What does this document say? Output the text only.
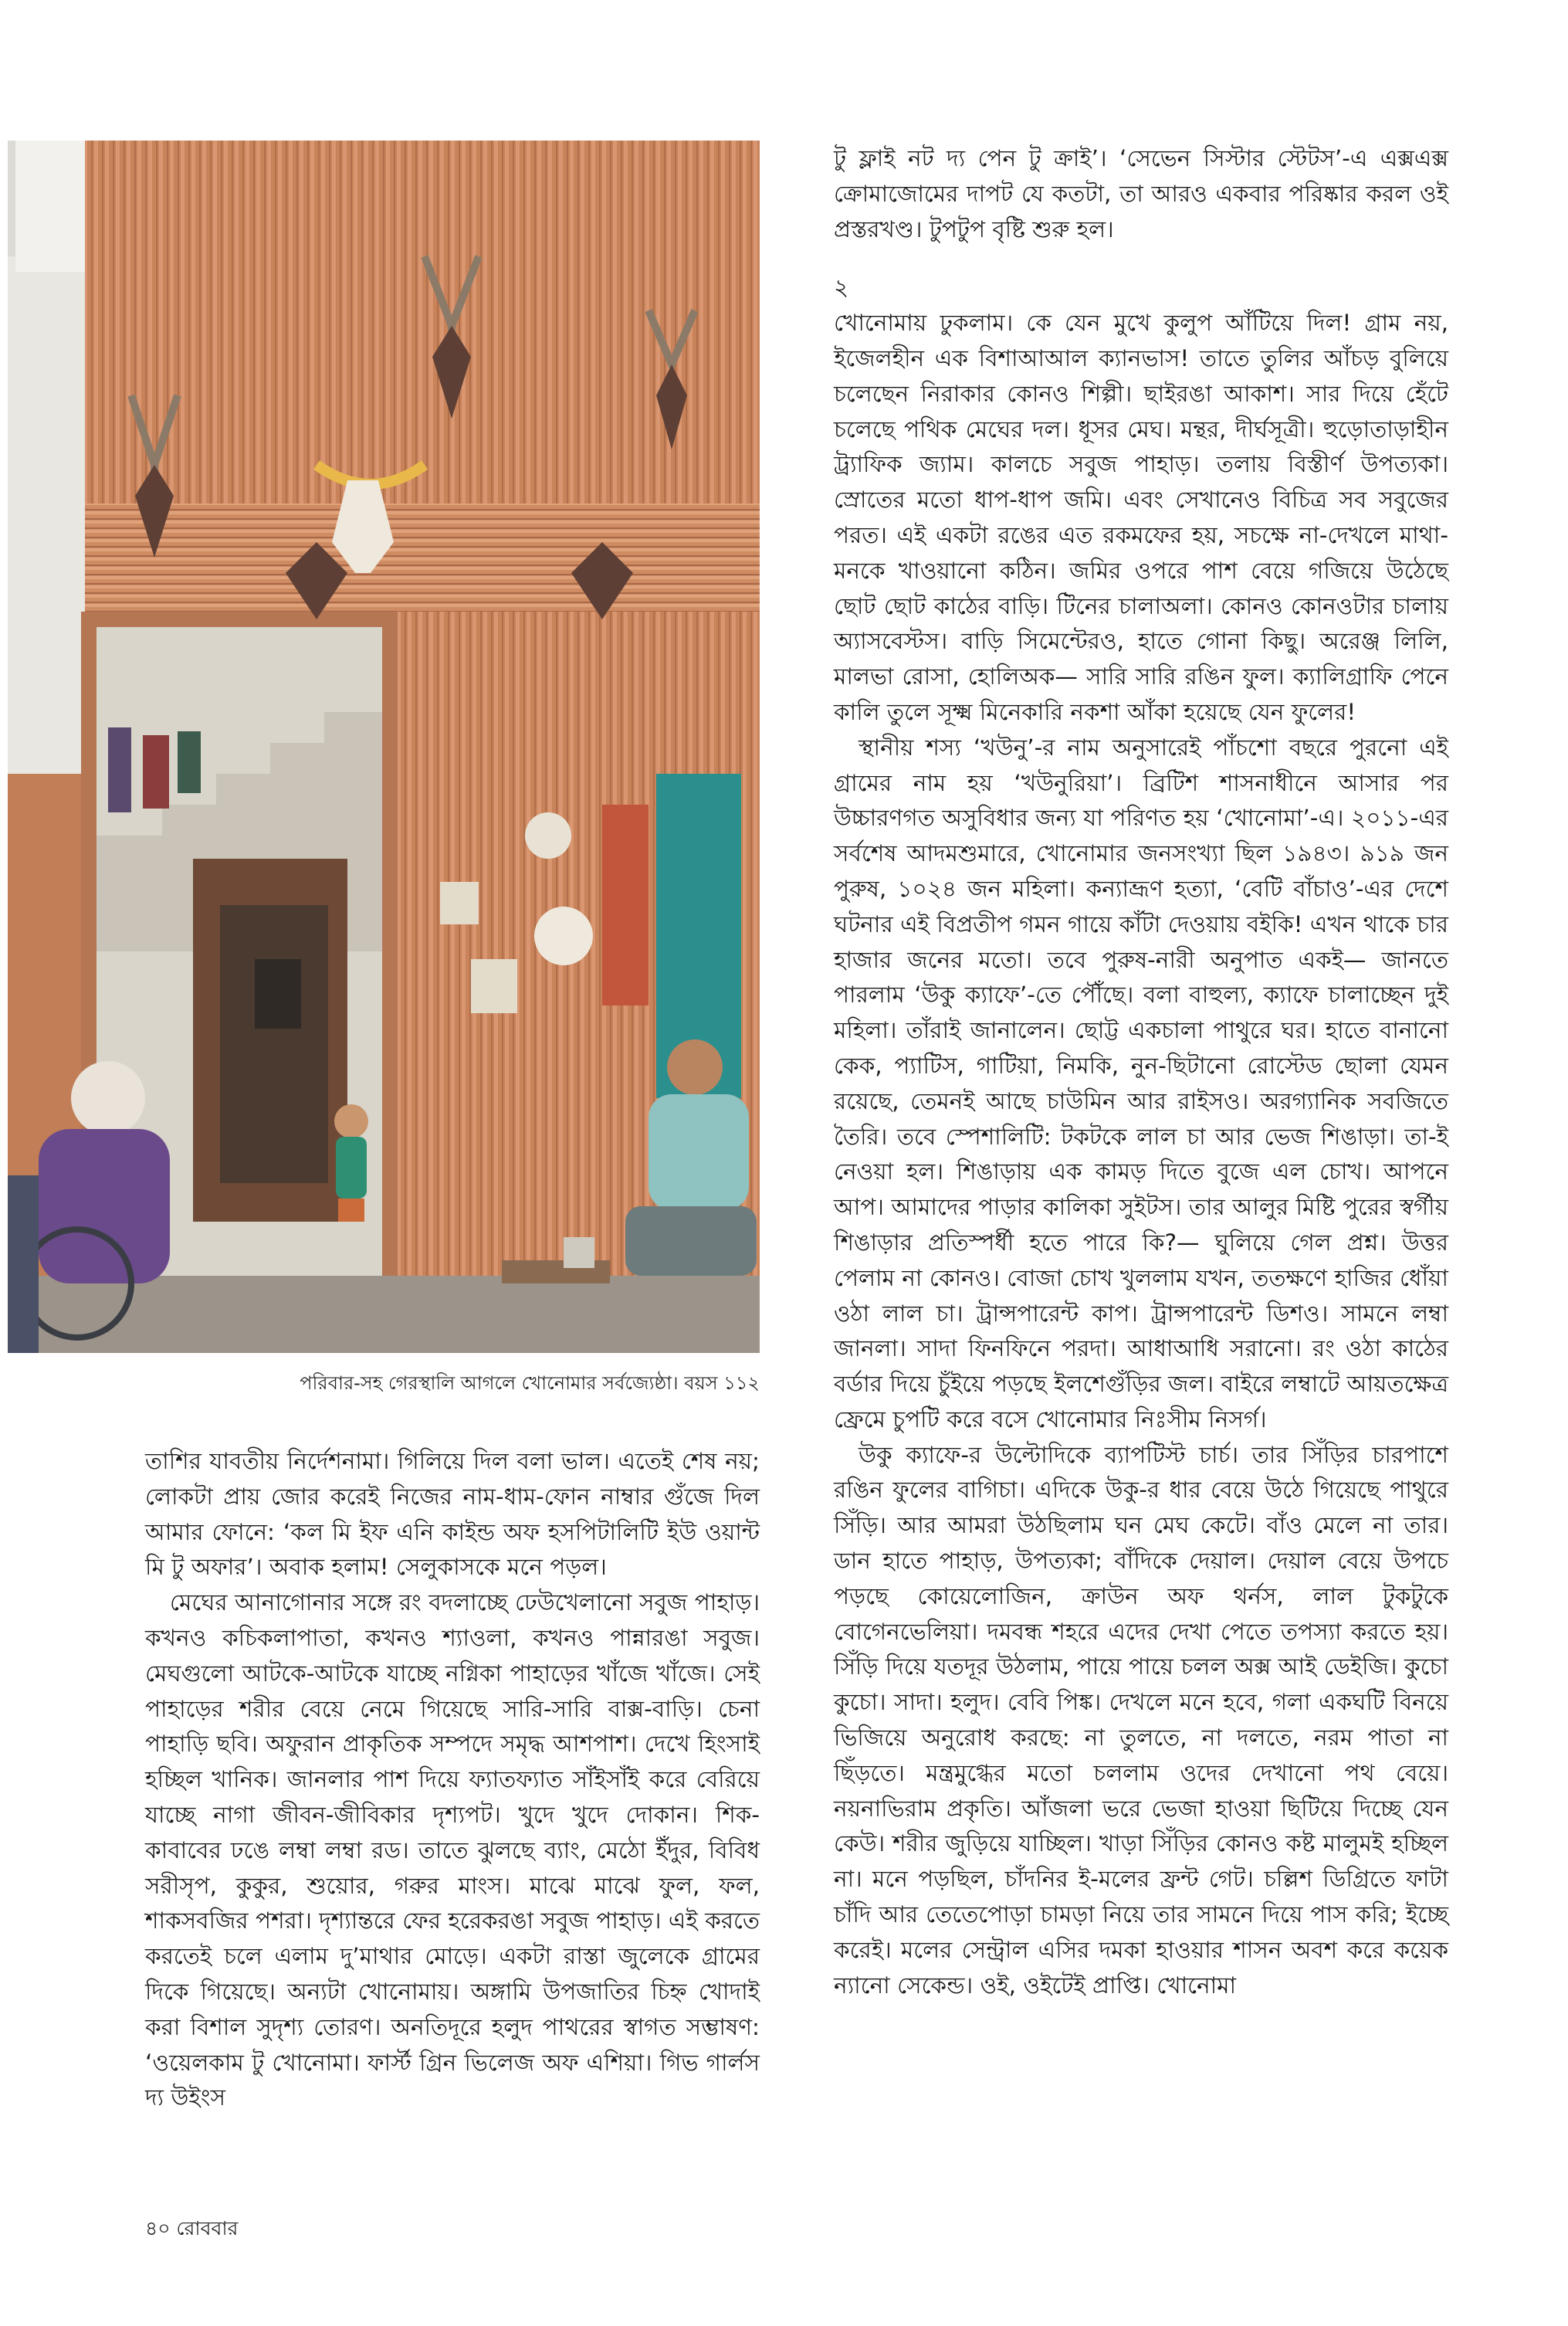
পরিবার-সহ গেরস্থালি আগলে খোনোমার সর্বজ্যেষ্ঠা। বয়স ১১২

তাশির যাবতীয় নির্দেশনামা। গিলিয়ে দিল বলা ভাল। এতেই শেষ নয়; লোকটা প্রায় জোর করেই নিজের নাম-ধাম-ফোন নাম্বার গুঁজে দিল আমার ফোনে: ‘কল মি ইফ এনি কাইন্ড অফ হসপিটালিটি ইউ ওয়ান্ট মি টু অফার’। অবাক হলাম! সেলুকাসকে মনে পড়ল।

মেঘের আনাগোনার সঙ্গে রং বদলাচ্ছে ঢেউখেলানো সবুজ পাহাড়। কখনও কচিকলাপাতা, কখনও শ্যাওলা, কখনও পান্নারঙা সবুজ। মেঘগুলো আটকে-আটকে যাচ্ছে নগ্নিকা পাহাড়ের খাঁজে খাঁজে। সেই পাহাড়ের শরীর বেয়ে নেমে গিয়েছে সারি-সারি বাক্স-বাড়ি। চেনা পাহাড়ি ছবি। অফুরান প্রাকৃতিক সম্পদে সমৃদ্ধ আশপাশ। দেখে হিংসাই হচ্ছিল খানিক। জানলার পাশ দিয়ে ফ্যাতফ্যাত সাঁইসাঁই করে বেরিয়ে যাচ্ছে নাগা জীবন-জীবিকার দৃশ্যপট। খুদে খুদে দোকান। শিক-কাবাবের ঢঙে লম্বা লম্বা রড। তাতে ঝুলছে ব্যাং, মেঠো ইঁদুর, বিবিধ সরীসৃপ, কুকুর, শুয়োর, গরুর মাংস। মাঝে মাঝে ফুল, ফল, শাকসবজির পশরা। দৃশ্যান্তরে ফের হরেকরঙা সবুজ পাহাড়। এই করতে করতেই চলে এলাম দু’মাথার মোড়ে। একটা রাস্তা জুলেকে গ্রামের দিকে গিয়েছে। অন্যটা খোনোমায়। অঙ্গামি উপজাতির চিহ্ন খোদাই করা বিশাল সুদৃশ্য তোরণ। অনতিদূরে হলুদ পাথরের স্বাগত সম্ভাষণ: ‘ওয়েলকাম টু খোনোমা। ফার্স্ট গ্রিন ভিলেজ অফ এশিয়া। গিভ গার্লস দ্য উইংস

টু ফ্লাই নট দ্য পেন টু ক্রাই’। ‘সেভেন সিস্টার স্টেটস’-এ এক্সএক্স ক্রোমাজোমের দাপট যে কতটা, তা আরও একবার পরিষ্কার করল ওই প্রস্তরখণ্ড। টুপটুপ বৃষ্টি শুরু হল।

২

খোনোমায় ঢুকলাম। কে যেন মুখে কুলুপ আঁটিয়ে দিল! গ্রাম নয়, ইজেলহীন এক বিশাআআল ক্যানভাস! তাতে তুলির আঁচড় বুলিয়ে চলেছেন নিরাকার কোনও শিল্পী। ছাইরঙা আকাশ। সার দিয়ে হেঁটে চলেছে পথিক মেঘের দল। ধূসর মেঘ। মন্থর, দীর্ঘসূত্রী। হুড়োতাড়াহীন ট্র্যাফিক জ্যাম। কালচে সবুজ পাহাড়। তলায় বিস্তীর্ণ উপত্যকা। স্রোতের মতো ধাপ-ধাপ জমি। এবং সেখানেও বিচিত্র সব সবুজের পরত। এই একটা রঙের এত রকমফের হয়, সচক্ষে না-দেখলে মাথা-মনকে খাওয়ানো কঠিন। জমির ওপরে পাশ বেয়ে গজিয়ে উঠেছে ছোট ছোট কাঠের বাড়ি। টিনের চালাঅলা। কোনও কোনওটার চালায় অ্যাসবেস্টস। বাড়ি সিমেন্টেরও, হাতে গোনা কিছু। অরেঞ্জ লিলি, মালভা রোসা, হোলিঅক— সারি সারি রঙিন ফুল। ক্যালিগ্রাফি পেনে কালি তুলে সূক্ষ্ম মিনেকারি নকশা আঁকা হয়েছে যেন ফুলের!

স্থানীয় শস্য ‘খউনু’-র নাম অনুসারেই পাঁচশো বছরে পুরনো এই গ্রামের নাম হয় ‘খউনুরিয়া’। ব্রিটিশ শাসনাধীনে আসার পর উচ্চারণগত অসুবিধার জন্য যা পরিণত হয় ‘খোনোমা’-এ। ২০১১-এর সর্বশেষ আদমশুমারে, খোনোমার জনসংখ্যা ছিল ১৯৪৩। ৯১৯ জন পুরুষ, ১০২৪ জন মহিলা। কন্যাভ্রূণ হত্যা, ‘বেটি বাঁচাও’-এর দেশে ঘটনার এই বিপ্রতীপ গমন গায়ে কাঁটা দেওয়ায় বইকি! এখন থাকে চার হাজার জনের মতো। তবে পুরুষ-নারী অনুপাত একই— জানতে পারলাম ‘উকু ক্যাফে’-তে পৌঁছে। বলা বাহুল্য, ক্যাফে চালাচ্ছেন দুই মহিলা। তাঁরাই জানালেন। ছোট্ট একচালা পাথুরে ঘর। হাতে বানানো কেক, প্যাটিস, গাটিয়া, নিমকি, নুন-ছিটানো রোস্টেড ছোলা যেমন রয়েছে, তেমনই আছে চাউমিন আর রাইসও। অরগ্যানিক সবজিতে তৈরি। তবে স্পেশালিটি: টকটকে লাল চা আর ভেজ শিঙাড়া। তা-ই নেওয়া হল। শিঙাড়ায় এক কামড় দিতে বুজে এল চোখ। আপনে আপ। আমাদের পাড়ার কালিকা সুইটস। তার আলুর মিষ্টি পুরের স্বর্গীয় শিঙাড়ার প্রতিস্পর্ধী হতে পারে কি?— ঘুলিয়ে গেল প্রশ্ন। উত্তর পেলাম না কোনও। বোজা চোখ খুললাম যখন, ততক্ষণে হাজির ধোঁয়া ওঠা লাল চা। ট্রান্সপারেন্ট কাপ। ট্রান্সপারেন্ট ডিশও। সামনে লম্বা জানলা। সাদা ফিনফিনে পরদা। আধাআধি সরানো। রং ওঠা কাঠের বর্ডার দিয়ে চুঁইয়ে পড়ছে ইলশেগুঁড়ির জল। বাইরে লম্বাটে আয়তক্ষেত্র ফ্রেমে চুপটি করে বসে খোনোমার নিঃসীম নিসর্গ।

উকু ক্যাফে-র উল্টোদিকে ব্যাপটিস্ট চার্চ। তার সিঁড়ির চারপাশে রঙিন ফুলের বাগিচা। এদিকে উকু-র ধার বেয়ে উঠে গিয়েছে পাথুরে সিঁড়ি। আর আমরা উঠছিলাম ঘন মেঘ কেটে। বাঁও মেলে না তার। ডান হাতে পাহাড়, উপত্যকা; বাঁদিকে দেয়াল। দেয়াল বেয়ে উপচে পড়ছে কোয়েলোজিন, ক্রাউন অফ থর্নস, লাল টুকটুকে বোগেনভেলিয়া। দমবন্ধ শহরে এদের দেখা পেতে তপস্যা করতে হয়। সিঁড়ি দিয়ে যতদূর উঠলাম, পায়ে পায়ে চলল অক্স আই ডেইজি। কুচো কুচো। সাদা। হলুদ। বেবি পিঙ্ক। দেখলে মনে হবে, গলা একঘটি বিনয়ে ভিজিয়ে অনুরোধ করছে: না তুলতে, না দলতে, নরম পাতা না ছিঁড়তে। মন্ত্রমুগ্ধের মতো চললাম ওদের দেখানো পথ বেয়ে। নয়নাভিরাম প্রকৃতি। আঁজলা ভরে ভেজা হাওয়া ছিটিয়ে দিচ্ছে যেন কেউ। শরীর জুড়িয়ে যাচ্ছিল। খাড়া সিঁড়ির কোনও কষ্ট মালুমই হচ্ছিল না। মনে পড়ছিল, চাঁদনির ই-মলের ফ্রন্ট গেট। চল্লিশ ডিগ্রিতে ফাটা চাঁদি আর তেতেপোড়া চামড়া নিয়ে তার সামনে দিয়ে পাস করি; ইচ্ছে করেই। মলের সেন্ট্রাল এসির দমকা হাওয়ার শাসন অবশ করে কয়েক ন্যানো সেকেন্ড। ওই, ওইটেই প্রাপ্তি। খোনোমা

৪০ রোববার
